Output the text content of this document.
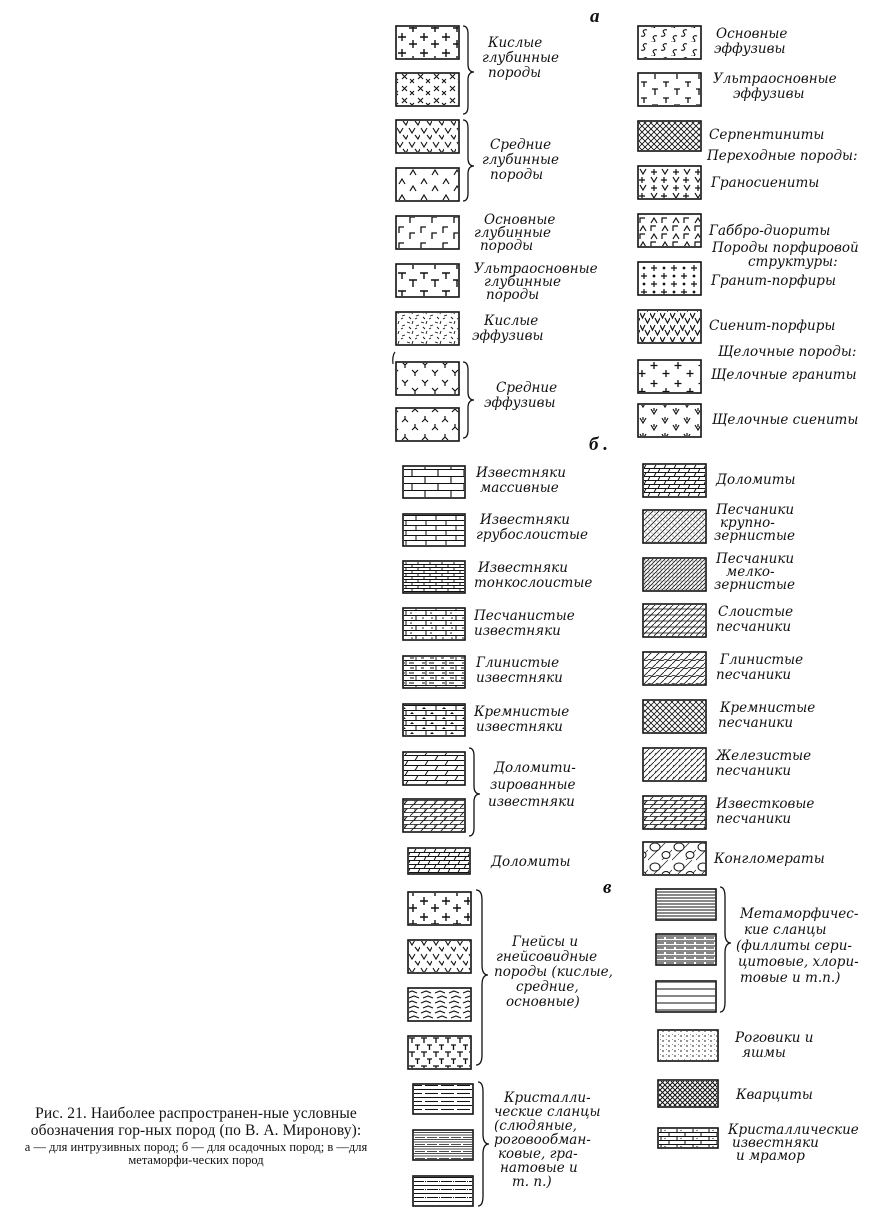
а
б .
в
Кислые глубинные породы
Средние глубинные породы
Основные глубинные породы
Ультраосновные глубинные породы
Кислые эффузивы
Средние эффузивы
Основные эффузивы
Ультраосновные эффузивы
Серпентиниты
Переходные породы:
Граносиениты
Габбро-диориты
Породы порфировой структуры:
Гранит-порфиры
Сиенит-порфиры
Щелочные породы:
Щелочные граниты
Щелочные сиениты
Известняки массивные
Известняки грубослоистые
Известняки тонкослоистые
Песчанистые известняки
Глинистые известняки
Кремнистые известняки
Доломити-зированные известняки
Доломиты
Доломиты
Песчаники крупно-зернистые
Песчаники мелко-зернистые
Слоистые песчаники
Глинистые песчаники
Кремнистые песчаники
Железистые песчаники
Известковые песчаники
Конгломераты
Гнейсы и гнейсовидные породы (кислые, средние, основные)
Кристалли-ческие сланцы (слюдяные, роговообман-ковые, гра-натовые и т. п.)
Метаморфичес-кие сланцы (филлиты сери-цитовые, хлори-товые и т.п.)
Роговики и яшмы
Кварциты
Кристаллические известняки и мрамор
Рис. 21. Наиболее распространен-ные условные обозначения гор-ных пород (по В. А. Миронову):
а — для интрузивных пород; б — для осадочных пород; в —для метаморфи-ческих пород
